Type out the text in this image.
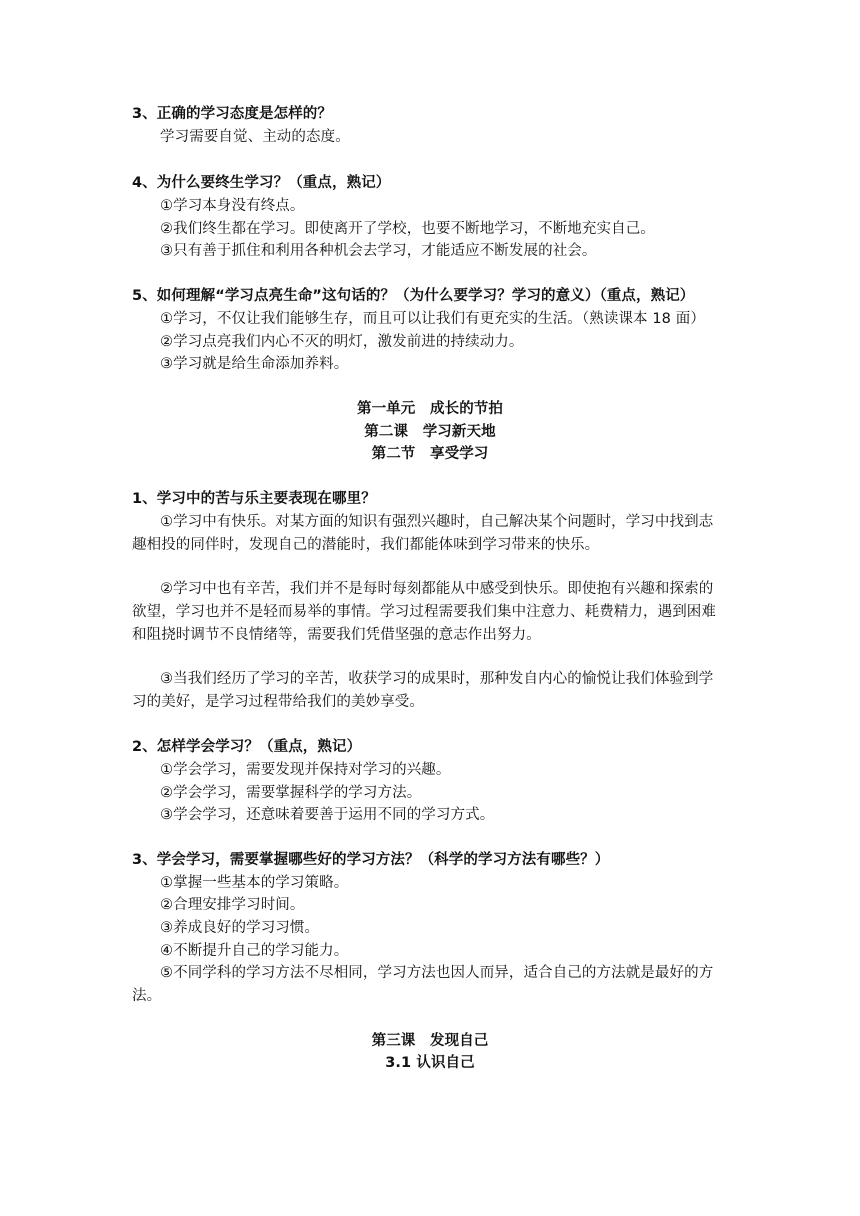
3、正确的学习态度是怎样的？
学习需要自觉、主动的态度。
4、为什么要终生学习？（重点，熟记）
①学习本身没有终点。
②我们终生都在学习。即使离开了学校，也要不断地学习，不断地充实自己。
③只有善于抓住和利用各种机会去学习，才能适应不断发展的社会。
5、如何理解“学习点亮生命”这句话的？（为什么要学习？学习的意义）（重点，熟记）
①学习，不仅让我们能够生存，而且可以让我们有更充实的生活。（熟读课本 18 面）
②学习点亮我们内心不灭的明灯，激发前进的持续动力。
③学习就是给生命添加养料。
第一单元　成长的节拍
第二课　学习新天地
第二节　享受学习
1、学习中的苦与乐主要表现在哪里？
①学习中有快乐。对某方面的知识有强烈兴趣时，自己解决某个问题时，学习中找到志
趣相投的同伴时，发现自己的潜能时，我们都能体味到学习带来的快乐。
②学习中也有辛苦，我们并不是每时每刻都能从中感受到快乐。即使抱有兴趣和探索的
欲望，学习也并不是轻而易举的事情。学习过程需要我们集中注意力、耗费精力，遇到困难
和阻挠时调节不良情绪等，需要我们凭借坚强的意志作出努力。
③当我们经历了学习的辛苦，收获学习的成果时，那种发自内心的愉悦让我们体验到学
习的美好，是学习过程带给我们的美妙享受。
2、怎样学会学习？（重点，熟记）
①学会学习，需要发现并保持对学习的兴趣。
②学会学习，需要掌握科学的学习方法。
③学会学习，还意味着要善于运用不同的学习方式。
3、学会学习，需要掌握哪些好的学习方法？（科学的学习方法有哪些？）
①掌握一些基本的学习策略。
②合理安排学习时间。
③养成良好的学习习惯。
④不断提升自己的学习能力。
⑤不同学科的学习方法不尽相同，学习方法也因人而异，适合自己的方法就是最好的方
法。
第三课　发现自己
3.1 认识自己
